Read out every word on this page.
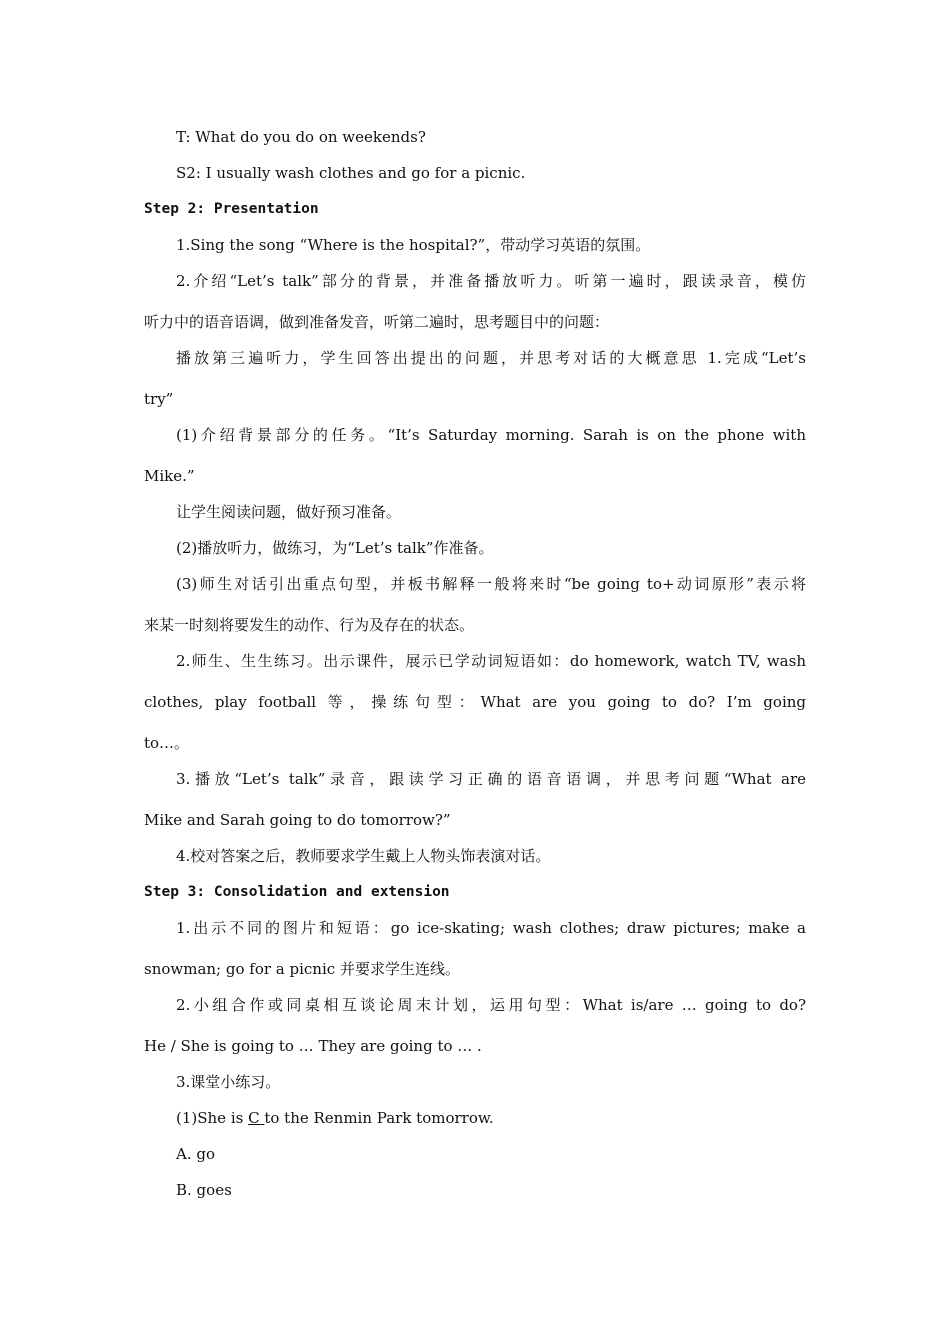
T: What do you do on weekends?
S2: I usually wash clothes and go for a picnic.
Step 2: Presentation
1.Sing the song “Where is the hospital?”，带动学习英语的氛围。
2.介绍“Let’s talk”部分的背景，并准备播放听力。听第一遍时，跟读录音，模仿
听力中的语音语调，做到准备发音，听第二遍时，思考题目中的问题：
播放第三遍听力，学生回答出提出的问题，并思考对话的大概意思 1.完成“Let’s
try”
(1)介绍背景部分的任务。“It’s Saturday morning. Sarah is on the phone with
Mike.”
让学生阅读问题，做好预习准备。
(2)播放听力，做练习，为“Let’s talk”作准备。
(3)师生对话引出重点句型，并板书解释一般将来时“be going to+动词原形”表示将
来某一时刻将要发生的动作、行为及存在的状态。
2.师生、生生练习。出示课件，展示已学动词短语如：do homework, watch TV, wash
clothes, play football 等，操练句型：What are you going to do? I’m going
to…。
3.播放“Let’s talk”录音，跟读学习正确的语音语调，并思考问题“What are
Mike and Sarah going to do tomorrow?”
4.校对答案之后，教师要求学生戴上人物头饰表演对话。
Step 3: Consolidation and extension
1.出示不同的图片和短语：go ice-skating; wash clothes; draw pictures; make a
snowman; go for a picnic 并要求学生连线。
2.小组合作或同桌相互谈论周末计划，运用句型：What is/are … going to do?
He / She is going to … They are going to … .
3.课堂小练习。
(1)She is C to the Renmin Park tomorrow.
A. go
B. goes
